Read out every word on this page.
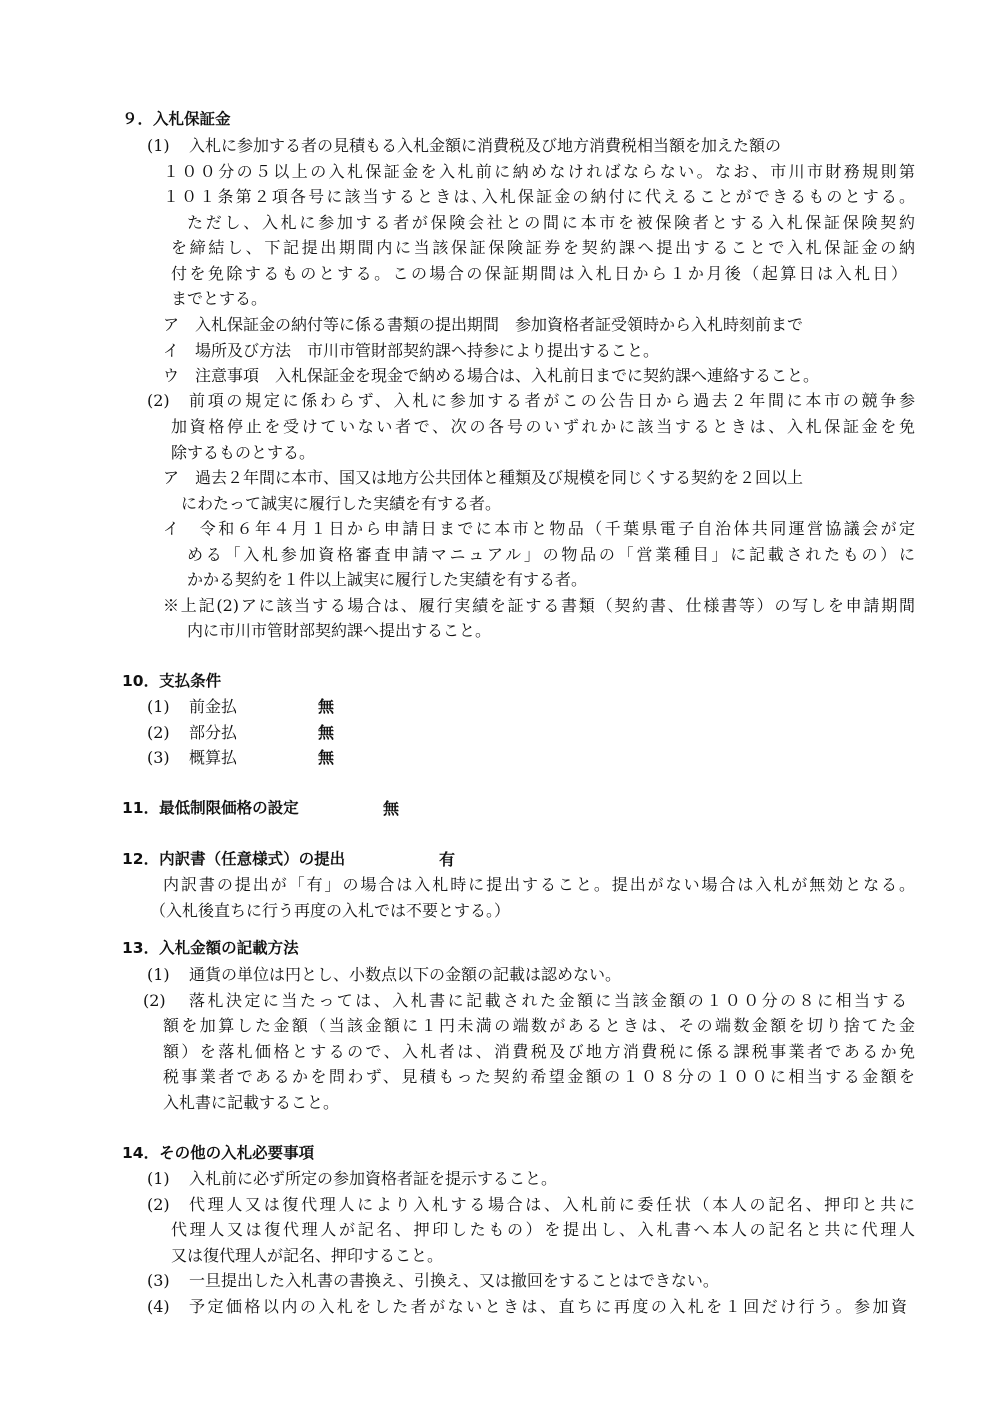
９．入札保証金
(1) 入札に参加する者の見積もる入札金額に消費税及び地方消費税相当額を加えた額の
１００分の５以上の入札保証金を入札前に納めなければならない。なお、市川市財務規則第
１０１条第２項各号に該当するときは､入札保証金の納付に代えることができるものとする。
ただし、入札に参加する者が保険会社との間に本市を被保険者とする入札保証保険契約
を締結し、下記提出期間内に当該保証保険証券を契約課へ提出することで入札保証金の納
付を免除するものとする。この場合の保証期間は入札日から１か月後（起算日は入札日）
までとする。
ア　入札保証金の納付等に係る書類の提出期間　参加資格者証受領時から入札時刻前まで
イ　場所及び方法　市川市管財部契約課へ持参により提出すること。
ウ　注意事項　入札保証金を現金で納める場合は、入札前日までに契約課へ連絡すること。
(2) 前項の規定に係わらず、入札に参加する者がこの公告日から過去２年間に本市の競争参
加資格停止を受けていない者で、次の各号のいずれかに該当するときは、入札保証金を免
除するものとする。
ア　過去２年間に本市、国又は地方公共団体と種類及び規模を同じくする契約を２回以上
にわたって誠実に履行した実績を有する者。
イ　令和６年４月１日から申請日までに本市と物品（千葉県電子自治体共同運営協議会が定
める「入札参加資格審査申請マニュアル」の物品の「営業種目」に記載されたもの）に
かかる契約を１件以上誠実に履行した実績を有する者。
※上記(2)アに該当する場合は、履行実績を証する書類（契約書、仕様書等）の写しを申請期間
内に市川市管財部契約課へ提出すること。
10．支払条件
(1) 前金払	無
(2) 部分払	無
(3) 概算払	無
11．最低制限価格の設定	無
12．内訳書（任意様式）の提出	有
内訳書の提出が「有」の場合は入札時に提出すること。提出がない場合は入札が無効となる。
（入札後直ちに行う再度の入札では不要とする。）
13．入札金額の記載方法
(1) 通貨の単位は円とし、小数点以下の金額の記載は認めない。
(2) 落札決定に当たっては、入札書に記載された金額に当該金額の１００分の８に相当する
額を加算した金額（当該金額に１円未満の端数があるときは、その端数金額を切り捨てた金
額）を落札価格とするので、入札者は、消費税及び地方消費税に係る課税事業者であるか免
税事業者であるかを問わず、見積もった契約希望金額の１０８分の１００に相当する金額を
入札書に記載すること。
14．その他の入札必要事項
(1) 入札前に必ず所定の参加資格者証を提示すること。
(2) 代理人又は復代理人により入札する場合は、入札前に委任状（本人の記名、押印と共に
代理人又は復代理人が記名、押印したもの）を提出し、入札書へ本人の記名と共に代理人
又は復代理人が記名、押印すること。
(3) 一旦提出した入札書の書換え、引換え、又は撤回をすることはできない。
(4) 予定価格以内の入札をした者がないときは、直ちに再度の入札を１回だけ行う。参加資
